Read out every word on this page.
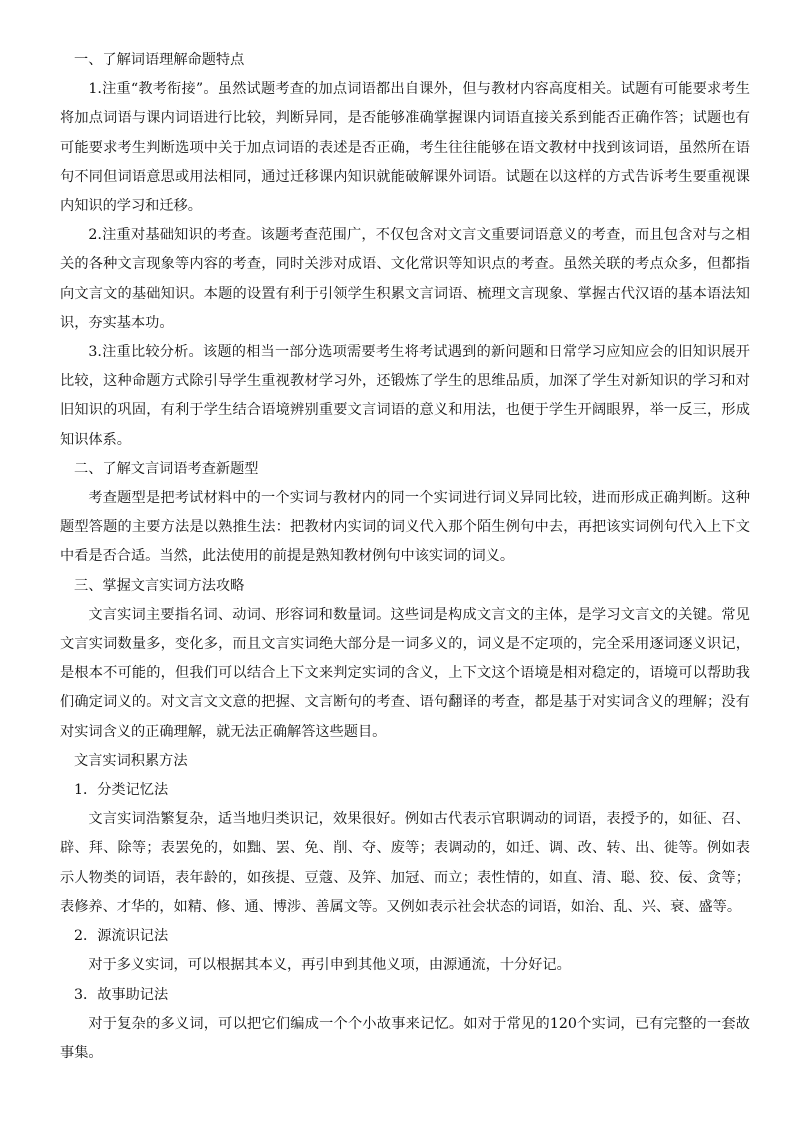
一、了解词语理解命题特点

1.注重“教考衔接”。虽然试题考查的加点词语都出自课外，但与教材内容高度相关。试题有可能要求考生将加点词语与课内词语进行比较，判断异同，是否能够准确掌握课内词语直接关系到能否正确作答；试题也有可能要求考生判断选项中关于加点词语的表述是否正确，考生往往能够在语文教材中找到该词语，虽然所在语句不同但词语意思或用法相同，通过迁移课内知识就能破解课外词语。试题在以这样的方式告诉考生要重视课内知识的学习和迁移。

2.注重对基础知识的考查。该题考查范围广，不仅包含对文言文重要词语意义的考查，而且包含对与之相关的各种文言现象等内容的考查，同时关涉对成语、文化常识等知识点的考查。虽然关联的考点众多，但都指向文言文的基础知识。本题的设置有利于引领学生积累文言词语、梳理文言现象、掌握古代汉语的基本语法知识，夯实基本功。

3.注重比较分析。该题的相当一部分选项需要考生将考试遇到的新问题和日常学习应知应会的旧知识展开比较，这种命题方式除引导学生重视教材学习外，还锻炼了学生的思维品质，加深了学生对新知识的学习和对旧知识的巩固，有利于学生结合语境辨别重要文言词语的意义和用法，也便于学生开阔眼界，举一反三，形成知识体系。

二、了解文言词语考查新题型

考查题型是把考试材料中的一个实词与教材内的同一个实词进行词义异同比较，进而形成正确判断。这种题型答题的主要方法是以熟推生法：把教材内实词的词义代入那个陌生例句中去，再把该实词例句代入上下文中看是否合适。当然，此法使用的前提是熟知教材例句中该实词的词义。

三、掌握文言实词方法攻略

文言实词主要指名词、动词、形容词和数量词。这些词是构成文言文的主体，是学习文言文的关键。常见文言实词数量多，变化多，而且文言实词绝大部分是一词多义的，词义是不定项的，完全采用逐词逐义识记，是根本不可能的，但我们可以结合上下文来判定实词的含义，上下文这个语境是相对稳定的，语境可以帮助我们确定词义的。对文言文文意的把握、文言断句的考查、语句翻译的考查，都是基于对实词含义的理解；没有对实词含义的正确理解，就无法正确解答这些题目。

文言实词积累方法

1．分类记忆法

文言实词浩繁复杂，适当地归类识记，效果很好。例如古代表示官职调动的词语，表授予的，如征、召、辟、拜、除等；表罢免的，如黜、罢、免、削、夺、废等；表调动的，如迁、调、改、转、出、徙等。例如表示人物类的词语，表年龄的，如孩提、豆蔻、及笄、加冠、而立；表性情的，如直、清、聪、狡、佞、贪等；表修养、才华的，如精、修、通、博涉、善属文等。又例如表示社会状态的词语，如治、乱、兴、衰、盛等。

2．源流识记法

对于多义实词，可以根据其本义，再引申到其他义项，由源通流，十分好记。

3．故事助记法

对于复杂的多义词，可以把它们编成一个个小故事来记忆。如对于常见的120个实词，已有完整的一套故事集。
